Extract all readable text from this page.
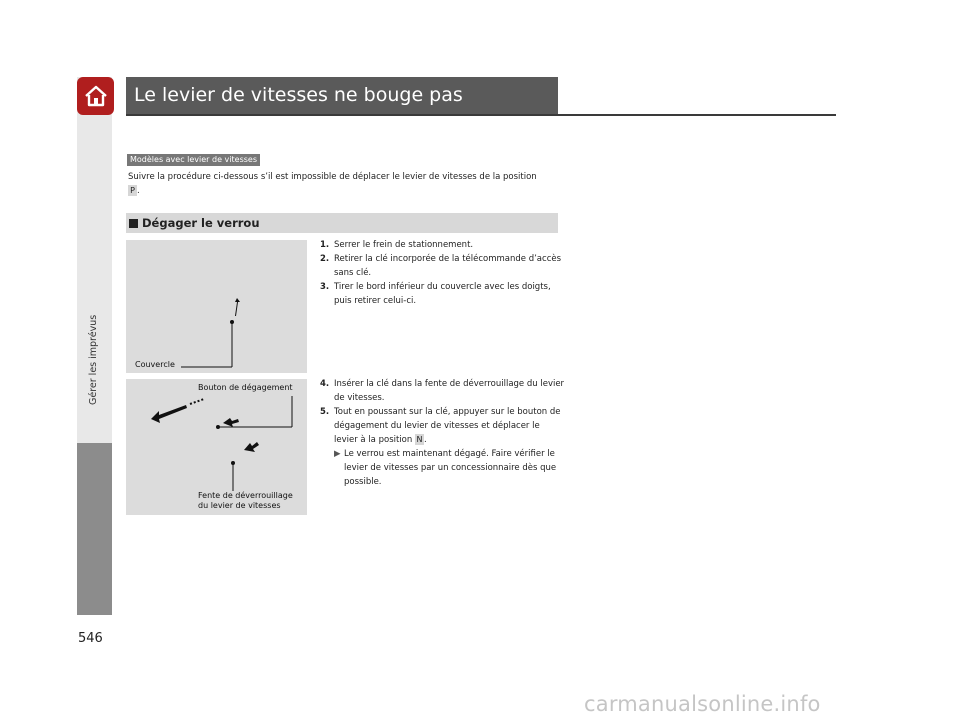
Le levier de vitesses ne bouge pas
Modèles avec levier de vitesses
Suivre la procédure ci-dessous s’il est impossible de déplacer le levier de vitesses de la position
P .
Dégager le verrou
Couvercle
Bouton de dégagement
Fente de déverrouillage
du levier de vitesses
1. Serrer le frein de stationnement.
2. Retirer la clé incorporée de la télécommande d’accès sans clé.
3. Tirer le bord inférieur du couvercle avec les doigts, puis retirer celui-ci.
4. Insérer la clé dans la fente de déverrouillage du levier de vitesses.
5. Tout en poussant sur la clé, appuyer sur le bouton de dégagement du levier de vitesses et déplacer le levier à la position N .
▶ Le verrou est maintenant dégagé. Faire vérifier le levier de vitesses par un concessionnaire dès que possible.
546
carmanualsonline.info
